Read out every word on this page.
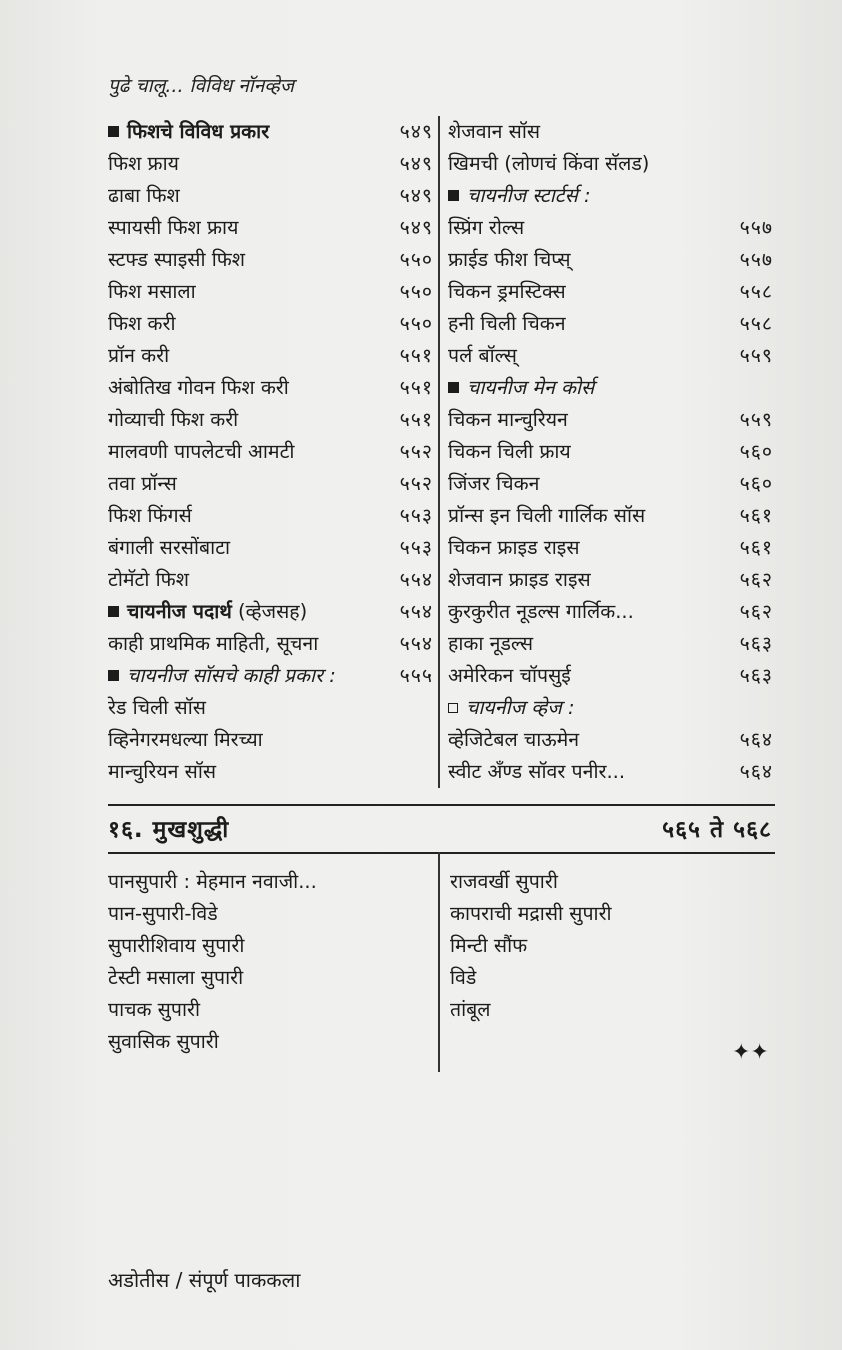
पुढे चालू... विविध नॉनव्हेज
फिशचे विविध प्रकार	५४९
फिश फ्राय	५४९
ढाबा फिश	५४९
स्पायसी फिश फ्राय	५४९
स्टफ्ड स्पाइसी फिश	५५०
फिश मसाला	५५०
फिश करी	५५०
प्रॉन करी	५५१
अंबोतिख गोवन फिश करी	५५१
गोव्याची फिश करी	५५१
मालवणी पापलेटची आमटी	५५२
तवा प्रॉन्स	५५२
फिश फिंगर्स	५५३
बंगाली सरसोंबाटा	५५३
टोमॅटो फिश	५५४
चायनीज पदार्थ (व्हेजसह)	५५४
काही प्राथमिक माहिती, सूचना	५५४
चायनीज सॉसचे काही प्रकार :	५५५
रेड चिली सॉस
व्हिनेगरमधल्या मिरच्या
मान्चुरियन सॉस
शेजवान सॉस
खिमची (लोणचं किंवा सॅलड)
चायनीज स्टार्टर्स :
स्प्रिंग रोल्स	५५७
फ्राईड फीश चिप्स्	५५७
चिकन ड्रमस्टिक्स	५५८
हनी चिली चिकन	५५८
पर्ल बॉल्स्	५५९
चायनीज मेन कोर्स
चिकन मान्चुरियन	५५९
चिकन चिली फ्राय	५६०
जिंजर चिकन	५६०
प्रॉन्स इन चिली गार्लिक सॉस	५६१
चिकन फ्राइड राइस	५६१
शेजवान फ्राइड राइस	५६२
कुरकुरीत नूडल्स गार्लिक...	५६२
हाका नूडल्स	५६३
अमेरिकन चॉपसुई	५६३
चायनीज व्हेज :
व्हेजिटेबल चाऊमेन	५६४
स्वीट अँण्ड सॉवर पनीर...	५६४
१६. मुखशुद्धी	५६५ ते ५६८
पानसुपारी : मेहमान नवाजी...
पान-सुपारी-विडे
सुपारीशिवाय सुपारी
टेस्टी मसाला सुपारी
पाचक सुपारी
सुवासिक सुपारी
राजवर्खी सुपारी
कापराची मद्रासी सुपारी
मिन्टी सौंफ
विडे
तांबूल
✦✦
अडोतीस / संपूर्ण पाककला
